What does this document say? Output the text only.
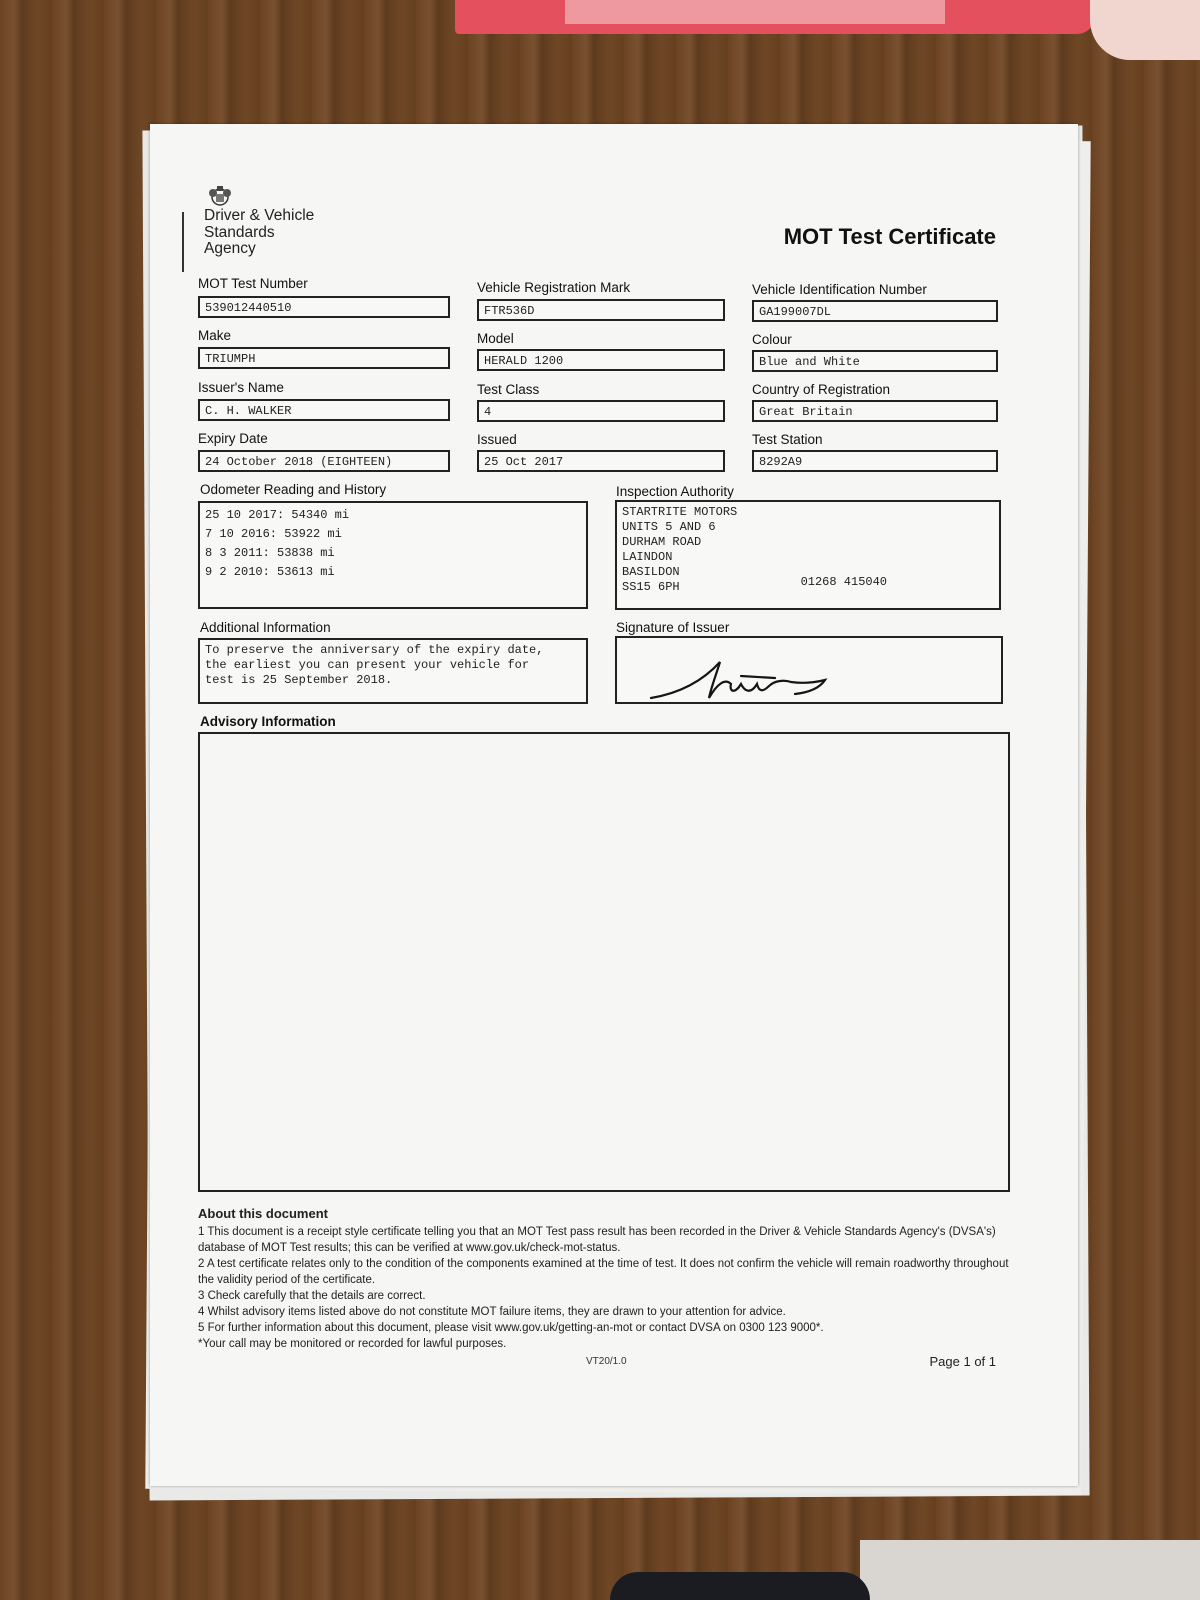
Driver & Vehicle
Standards
Agency	MOT Test Certificate
MOT Test Number
539012440510
Vehicle Registration Mark
FTR536D
Vehicle Identification Number
GA199007DL
Make
TRIUMPH
Model
HERALD 1200
Colour
Blue and White
Issuer's Name
C. H. WALKER
Test Class
4
Country of Registration
Great Britain
Expiry Date
24 October 2018 (EIGHTEEN)
Issued
25 Oct 2017
Test Station
8292A9
Odometer Reading and History
25 10 2017: 54340 mi
7 10 2016: 53922 mi
8 3 2011: 53838 mi
9 2 2010: 53613 mi
Inspection Authority
STARTRITE MOTORS
UNITS 5 AND 6
DURHAM ROAD
LAINDON
BASILDON
SS15 6PH	01268 415040
Additional Information
To preserve the anniversary of the expiry date,
the earliest you can present your vehicle for
test is 25 September 2018.
Signature of Issuer
Advisory Information
About this document

1 This document is a receipt style certificate telling you that an MOT Test pass result has been recorded in the Driver & Vehicle Standards Agency's (DVSA's) database of MOT Test results; this can be verified at www.gov.uk/check-mot-status.

2 A test certificate relates only to the condition of the components examined at the time of test. It does not confirm the vehicle will remain roadworthy throughout the validity period of the certificate.

3 Check carefully that the details are correct.

4 Whilst advisory items listed above do not constitute MOT failure items, they are drawn to your attention for advice.

5 For further information about this document, please visit www.gov.uk/getting-an-mot or contact DVSA on 0300 123 9000*.

*Your call may be monitored or recorded for lawful purposes.

VT20/1.0	Page 1 of 1
